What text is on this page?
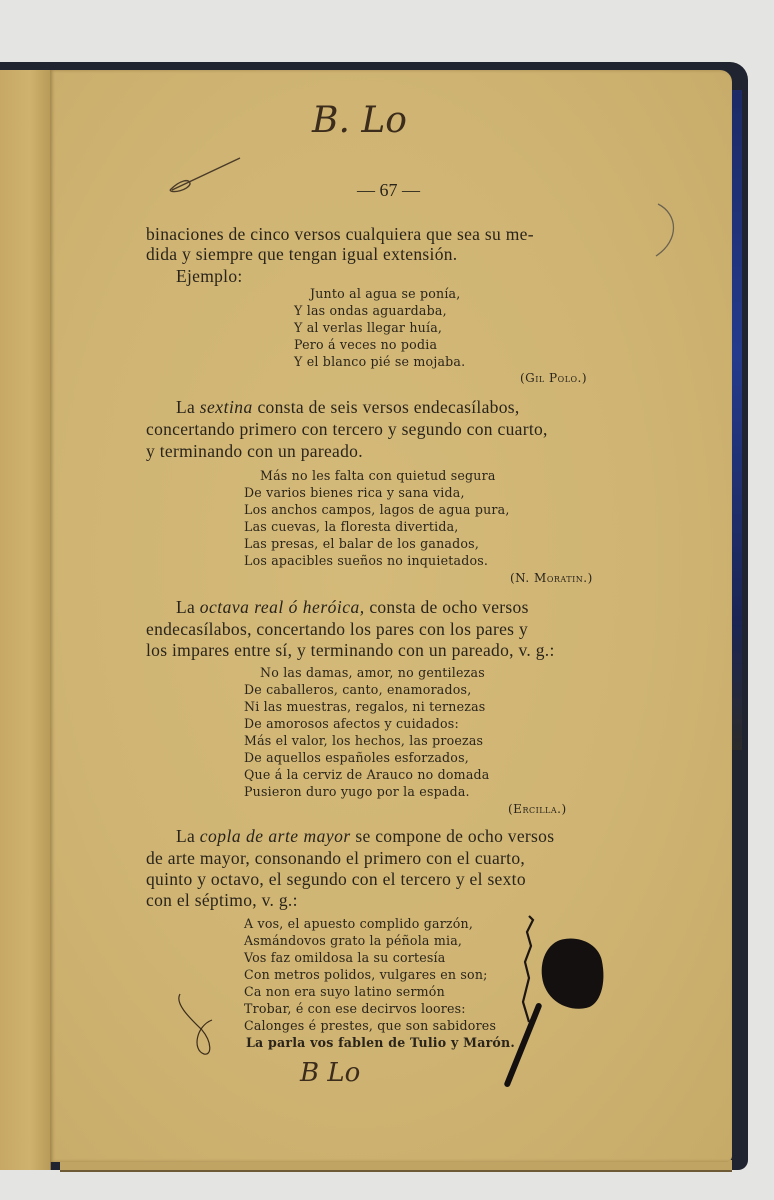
B. Lo
— 67 —
binaciones de cinco versos cualquiera que sea su me-
dida y siempre que tengan igual extensión.
Ejemplo:
Junto al agua se ponía,
Y las ondas aguardaba,
Y al verlas llegar huía,
Pero á veces no podia
Y el blanco pié se mojaba.
(Gil Polo.)
La sextina consta de seis versos endecasílabos,
concertando primero con tercero y segundo con cuarto,
y terminando con un pareado.
Más no les falta con quietud segura
De varios bienes rica y sana vida,
Los anchos campos, lagos de agua pura,
Las cuevas, la floresta divertida,
Las presas, el balar de los ganados,
Los apacibles sueños no inquietados.
(N. Moratin.)
La octava real ó heróica, consta de ocho versos
endecasílabos, concertando los pares con los pares y
los impares entre sí, y terminando con un pareado, v. g.:
No las damas, amor, no gentilezas
De caballeros, canto, enamorados,
Ni las muestras, regalos, ni ternezas
De amorosos afectos y cuidados:
Más el valor, los hechos, las proezas
De aquellos españoles esforzados,
Que á la cerviz de Arauco no domada
Pusieron duro yugo por la espada.
(Ercilla.)
La copla de arte mayor se compone de ocho versos
de arte mayor, consonando el primero con el cuarto,
quinto y octavo, el segundo con el tercero y el sexto
con el séptimo, v. g.:
A vos, el apuesto complido garzón,
Asmándovos grato la péñola mia,
Vos faz omildosa la su cortesía
Con metros polidos, vulgares en son;
Ca non era suyo latino sermón
Trobar, é con ese decirvos loores:
Calonges é prestes, que son sabidores
La parla vos fablen de Tulio y Marón.
B Lo
